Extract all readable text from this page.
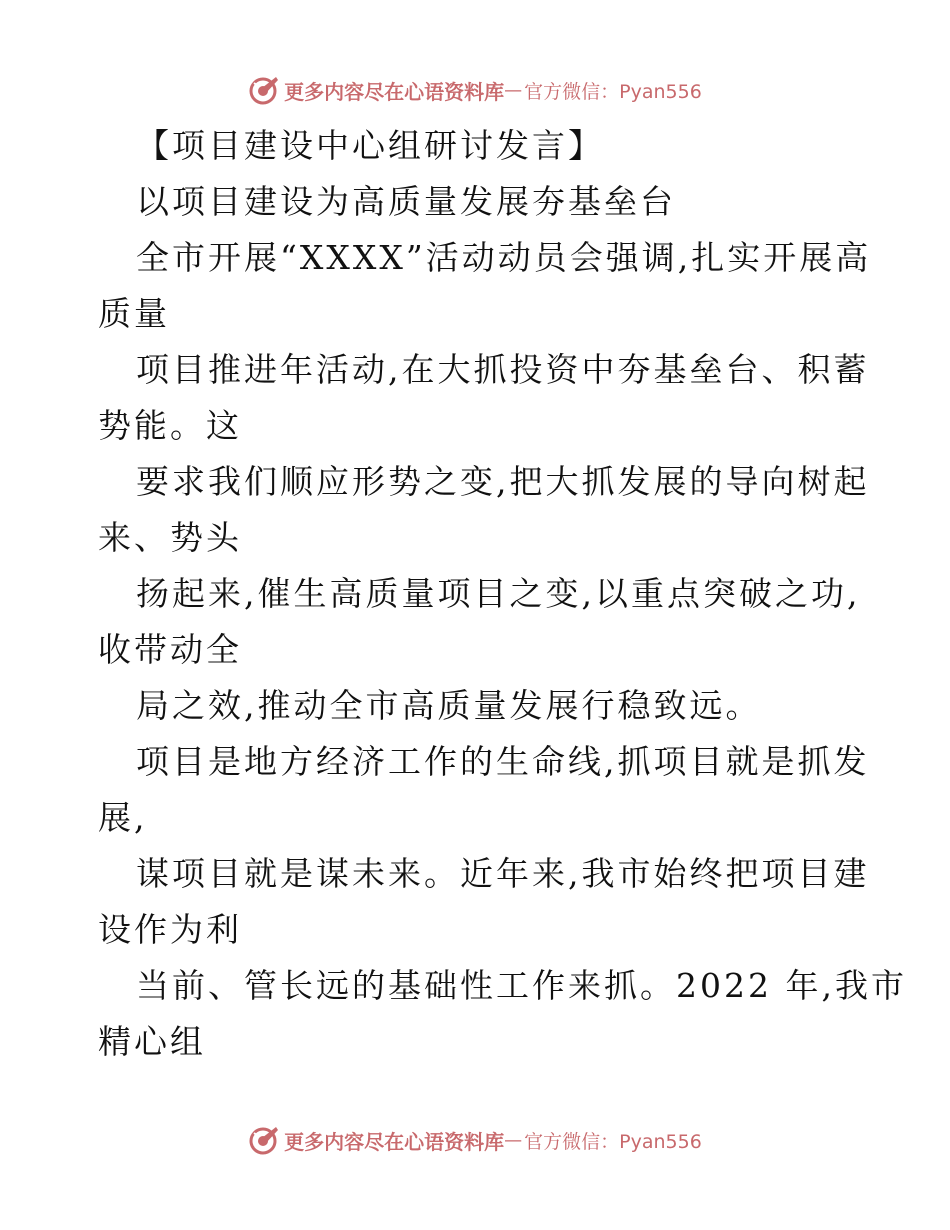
更多内容尽在心语资料库 — 官方微信：Pyan556
【项目建设中心组研讨发言】
以项目建设为高质量发展夯基垒台
全市开展“XXXX”活动动员会强调,扎实开展高
质量
项目推进年活动,在大抓投资中夯基垒台、积蓄
势能。这
要求我们顺应形势之变,把大抓发展的导向树起
来、势头
扬起来,催生高质量项目之变,以重点突破之功,
收带动全
局之效,推动全市高质量发展行稳致远。
项目是地方经济工作的生命线,抓项目就是抓发
展,
谋项目就是谋未来。近年来,我市始终把项目建
设作为利
当前、管长远的基础性工作来抓。2022 年,我市
精心组
更多内容尽在心语资料库 — 官方微信：Pyan556
